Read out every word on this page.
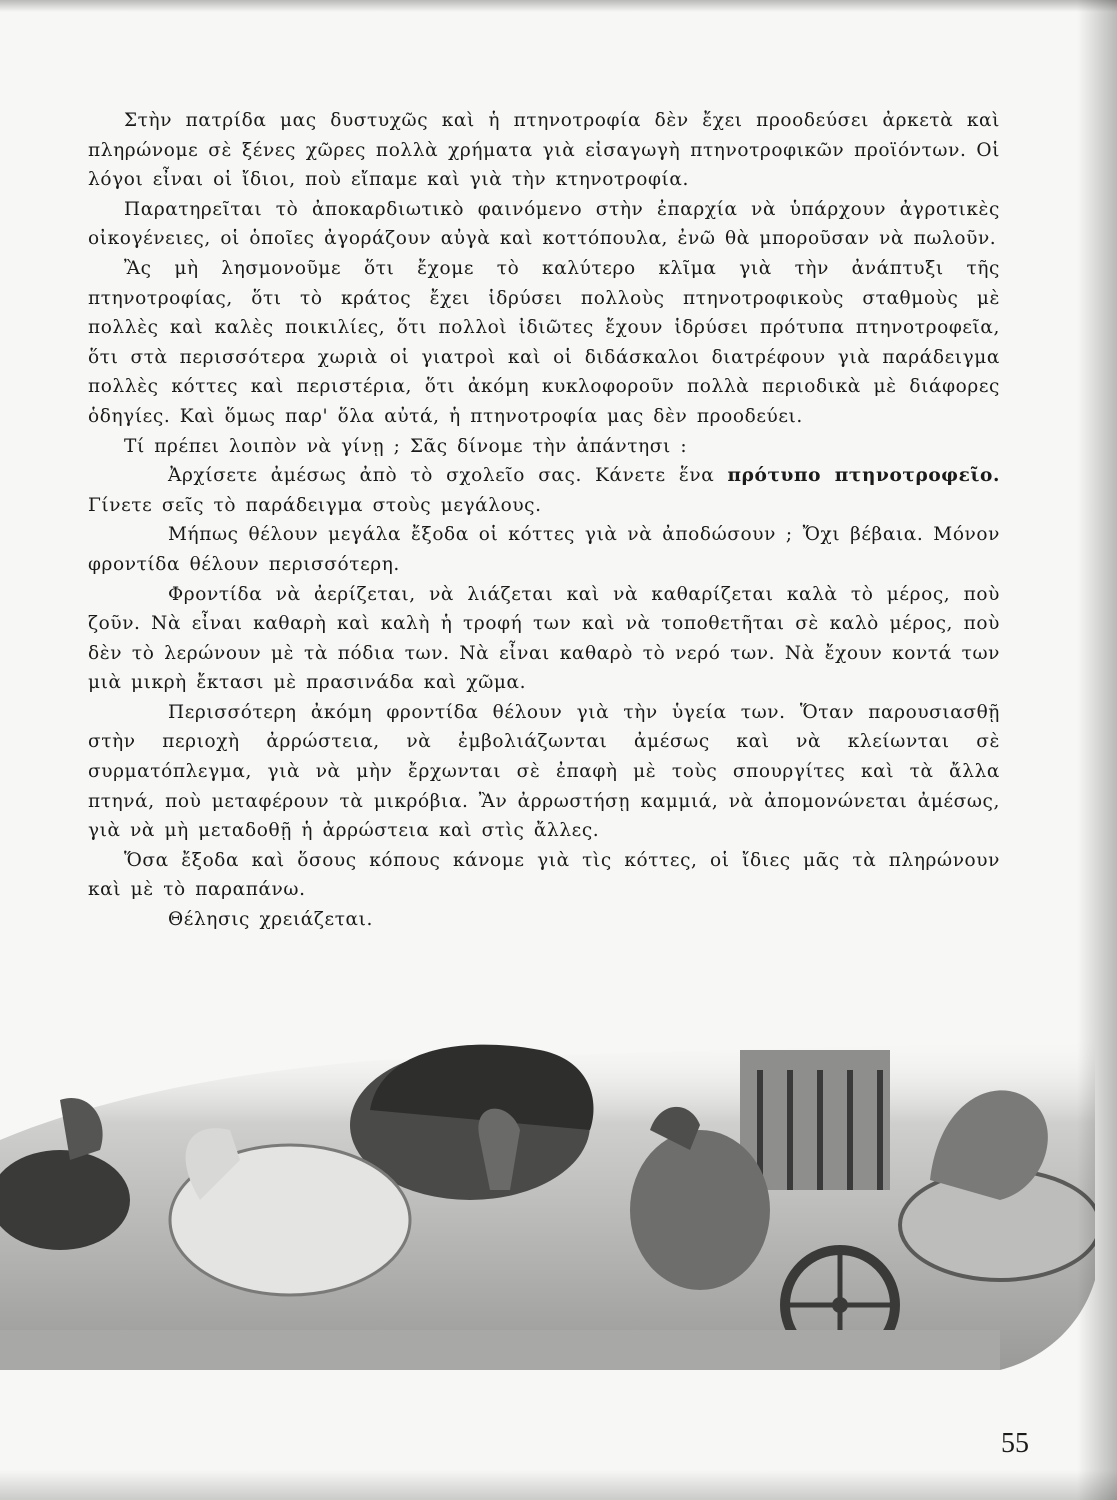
Στὴν πατρίδα μας δυστυχῶς καὶ ἡ πτηνοτροφία δὲν ἔχει προοδεύσει ἀρκετὰ καὶ πληρώνομε σὲ ξένες χῶρες πολλὰ χρήματα γιὰ εἰσαγωγὴ πτηνοτροφικῶν προϊόντων. Οἱ λόγοι εἶναι οἱ ἴδιοι, ποὺ εἴπαμε καὶ γιὰ τὴν κτηνοτροφία.

Παρατηρεῖται τὸ ἀποκαρδιωτικὸ φαινόμενο στὴν ἐπαρχία νὰ ὑπάρχουν ἀγροτικὲς οἰκογένειες, οἱ ὁποῖες ἀγοράζουν αὐγὰ καὶ κοττόπουλα, ἐνῶ θὰ μποροῦσαν νὰ πωλοῦν.

Ἂς μὴ λησμονοῦμε ὅτι ἔχομε τὸ καλύτερο κλῖμα γιὰ τὴν ἀνάπτυξι τῆς πτηνοτροφίας, ὅτι τὸ κράτος ἔχει ἱδρύσει πολλοὺς πτηνοτροφικοὺς σταθμοὺς μὲ πολλὲς καὶ καλὲς ποικιλίες, ὅτι πολλοὶ ἰδιῶτες ἔχουν ἱδρύσει πρότυπα πτηνοτροφεῖα, ὅτι στὰ περισσότερα χωριὰ οἱ γιατροὶ καὶ οἱ διδάσκαλοι διατρέφουν γιὰ παράδειγμα πολλὲς κόττες καὶ περιστέρια, ὅτι ἀκόμη κυκλοφοροῦν πολλὰ περιοδικὰ μὲ διάφορες ὁδηγίες. Καὶ ὅμως παρ' ὅλα αὐτά, ἡ πτηνοτροφία μας δὲν προοδεύει.

Τί πρέπει λοιπὸν νὰ γίνῃ ; Σᾶς δίνομε τὴν ἀπάντησι :

Ἀρχίσετε ἀμέσως ἀπὸ τὸ σχολεῖο σας. Κάνετε ἕνα πρότυπο πτηνοτροφεῖο. Γίνετε σεῖς τὸ παράδειγμα στοὺς μεγάλους.

Μήπως θέλουν μεγάλα ἔξοδα οἱ κόττες γιὰ νὰ ἀποδώσουν ; Ὄχι βέβαια. Μόνον φροντίδα θέλουν περισσότερη.

Φροντίδα νὰ ἀερίζεται, νὰ λιάζεται καὶ νὰ καθαρίζεται καλὰ τὸ μέρος, ποὺ ζοῦν. Νὰ εἶναι καθαρὴ καὶ καλὴ ἡ τροφή των καὶ νὰ τοποθετῆται σὲ καλὸ μέρος, ποὺ δὲν τὸ λερώνουν μὲ τὰ πόδια των. Νὰ εἶναι καθαρὸ τὸ νερό των. Νὰ ἔχουν κοντά των μιὰ μικρὴ ἔκτασι μὲ πρασινάδα καὶ χῶμα.

Περισσότερη ἀκόμη φροντίδα θέλουν γιὰ τὴν ὑγεία των. Ὅταν παρουσιασθῇ στὴν περιοχὴ ἀρρώστεια, νὰ ἐμβολιάζωνται ἀμέσως καὶ νὰ κλείωνται σὲ συρματόπλεγμα, γιὰ νὰ μὴν ἔρχωνται σὲ ἐπαφὴ μὲ τοὺς σπουργίτες καὶ τὰ ἄλλα πτηνά, ποὺ μεταφέρουν τὰ μικρόβια. Ἂν ἀρρωστήσῃ καμμιά, νὰ ἀπομονώνεται ἀμέσως, γιὰ νὰ μὴ μεταδοθῇ ἡ ἀρρώστεια καὶ στὶς ἄλλες.

Ὅσα ἔξοδα καὶ ὅσους κόπους κάνομε γιὰ τὶς κόττες, οἱ ἴδιες μᾶς τὰ πληρώνουν καὶ μὲ τὸ παραπάνω.

Θέλησις χρειάζεται.

55
